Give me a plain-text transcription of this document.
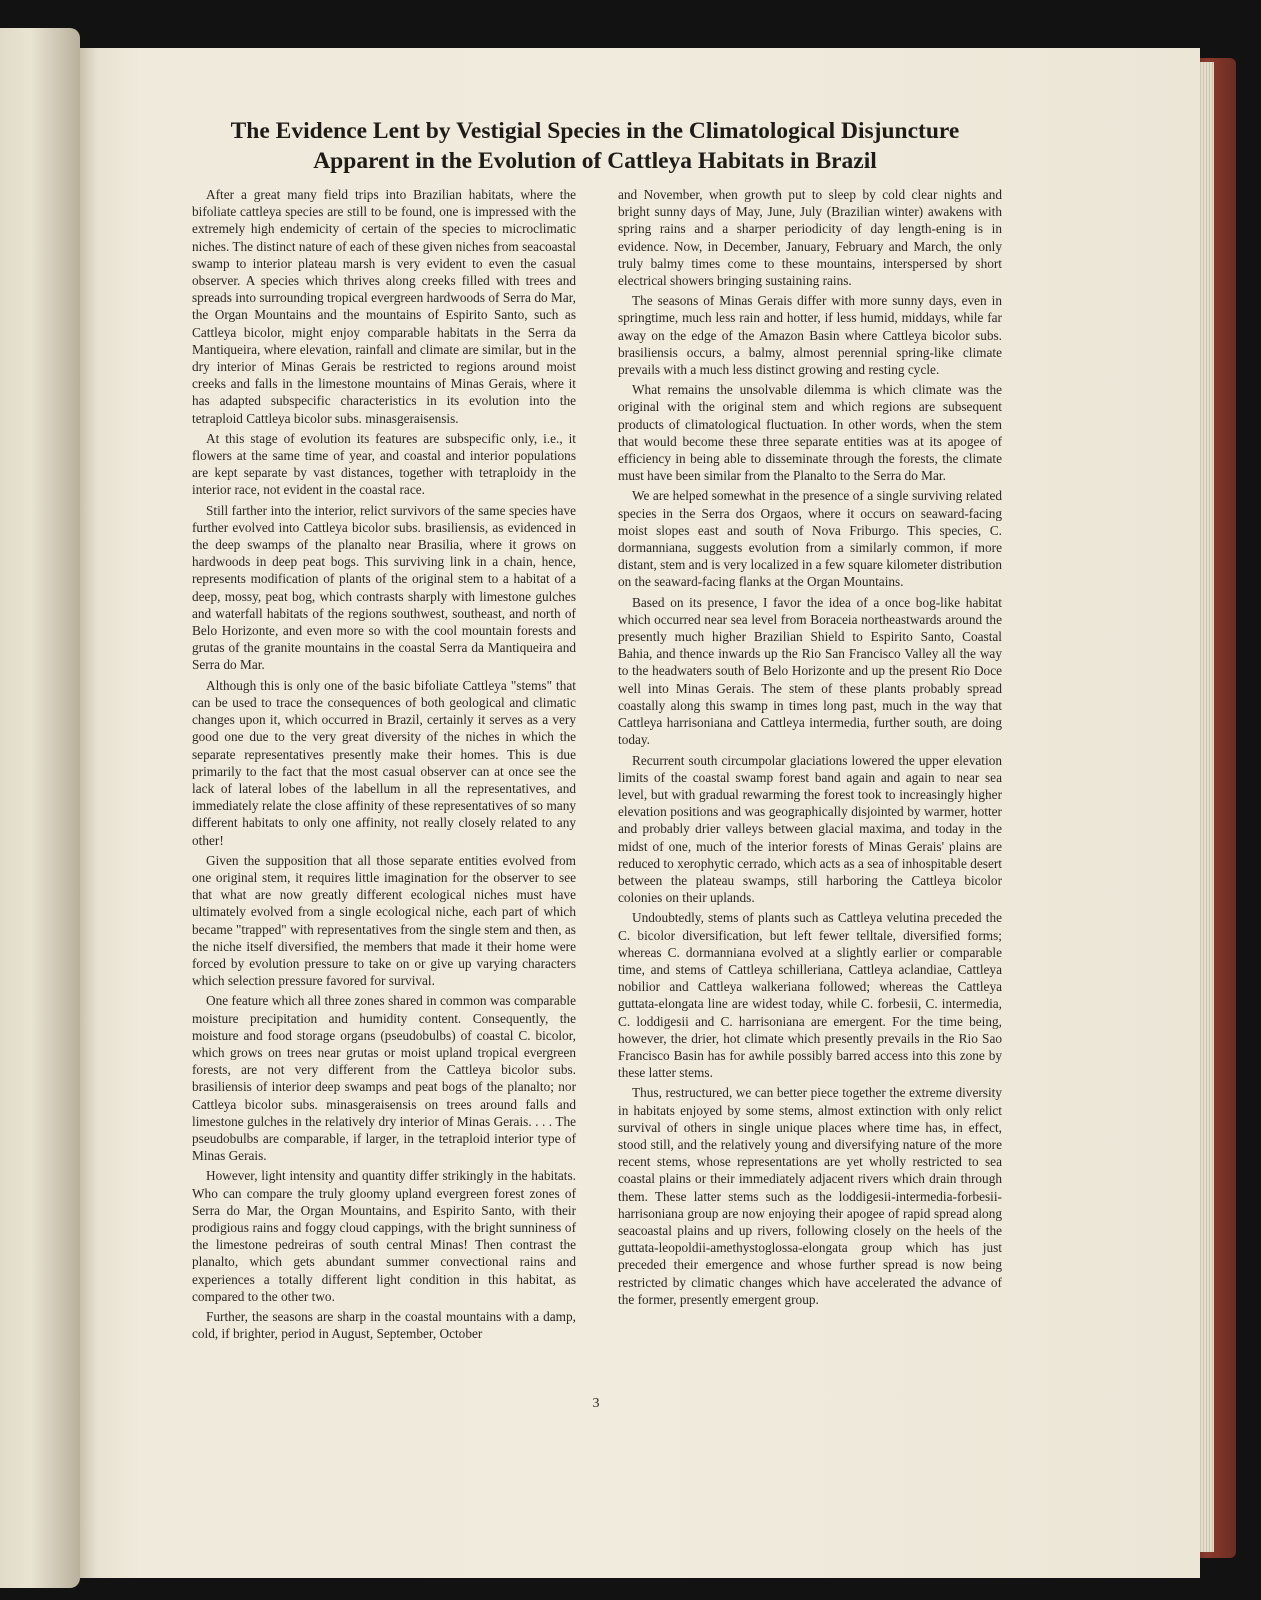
The Evidence Lent by Vestigial Species in the Climatological Disjuncture Apparent in the Evolution of Cattleya Habitats in Brazil

After a great many field trips into Brazilian habitats, where the bifoliate cattleya species are still to be found, one is impressed with the extremely high endemicity of certain of the species to microclimatic niches. The distinct nature of each of these given niches from seacoastal swamp to interior plateau marsh is very evident to even the casual observer. A species which thrives along creeks filled with trees and spreads into surrounding tropical evergreen hardwoods of Serra do Mar, the Organ Mountains and the mountains of Espirito Santo, such as Cattleya bicolor, might enjoy comparable habitats in the Serra da Mantiqueira, where elevation, rainfall and climate are similar, but in the dry interior of Minas Gerais be restricted to regions around moist creeks and falls in the limestone mountains of Minas Gerais, where it has adapted subspecific characteristics in its evolution into the tetraploid Cattleya bicolor subs. minasgeraisensis.

At this stage of evolution its features are subspecific only, i.e., it flowers at the same time of year, and coastal and interior populations are kept separate by vast distances, together with tetraploidy in the interior race, not evident in the coastal race.

Still farther into the interior, relict survivors of the same species have further evolved into Cattleya bicolor subs. brasiliensis, as evidenced in the deep swamps of the planalto near Brasilia, where it grows on hardwoods in deep peat bogs. This surviving link in a chain, hence, represents modification of plants of the original stem to a habitat of a deep, mossy, peat bog, which contrasts sharply with limestone gulches and waterfall habitats of the regions southwest, southeast, and north of Belo Horizonte, and even more so with the cool mountain forests and grutas of the granite mountains in the coastal Serra da Mantiqueira and Serra do Mar.

Although this is only one of the basic bifoliate Cattleya "stems" that can be used to trace the consequences of both geological and climatic changes upon it, which occurred in Brazil, certainly it serves as a very good one due to the very great diversity of the niches in which the separate representatives presently make their homes. This is due primarily to the fact that the most casual observer can at once see the lack of lateral lobes of the labellum in all the representatives, and immediately relate the close affinity of these representatives of so many different habitats to only one affinity, not really closely related to any other!

Given the supposition that all those separate entities evolved from one original stem, it requires little imagination for the observer to see that what are now greatly different ecological niches must have ultimately evolved from a single ecological niche, each part of which became "trapped" with representatives from the single stem and then, as the niche itself diversified, the members that made it their home were forced by evolution pressure to take on or give up varying characters which selection pressure favored for survival.

One feature which all three zones shared in common was comparable moisture precipitation and humidity content. Consequently, the moisture and food storage organs (pseudobulbs) of coastal C. bicolor, which grows on trees near grutas or moist upland tropical evergreen forests, are not very different from the Cattleya bicolor subs. brasiliensis of interior deep swamps and peat bogs of the planalto; nor Cattleya bicolor subs. minasgeraisensis on trees around falls and limestone gulches in the relatively dry interior of Minas Gerais. . . . The pseudobulbs are comparable, if larger, in the tetraploid interior type of Minas Gerais.

However, light intensity and quantity differ strikingly in the habitats. Who can compare the truly gloomy upland evergreen forest zones of Serra do Mar, the Organ Mountains, and Espirito Santo, with their prodigious rains and foggy cloud cappings, with the bright sunniness of the limestone pedreiras of south central Minas! Then contrast the planalto, which gets abundant summer convectional rains and experiences a totally different light condition in this habitat, as compared to the other two.

Further, the seasons are sharp in the coastal mountains with a damp, cold, if brighter, period in August, September, October

and November, when growth put to sleep by cold clear nights and bright sunny days of May, June, July (Brazilian winter) awakens with spring rains and a sharper periodicity of day length-ening is in evidence. Now, in December, January, February and March, the only truly balmy times come to these mountains, interspersed by short electrical showers bringing sustaining rains.

The seasons of Minas Gerais differ with more sunny days, even in springtime, much less rain and hotter, if less humid, middays, while far away on the edge of the Amazon Basin where Cattleya bicolor subs. brasiliensis occurs, a balmy, almost perennial spring-like climate prevails with a much less distinct growing and resting cycle.

What remains the unsolvable dilemma is which climate was the original with the original stem and which regions are subsequent products of climatological fluctuation. In other words, when the stem that would become these three separate entities was at its apogee of efficiency in being able to disseminate through the forests, the climate must have been similar from the Planalto to the Serra do Mar.

We are helped somewhat in the presence of a single surviving related species in the Serra dos Orgaos, where it occurs on seaward-facing moist slopes east and south of Nova Friburgo. This species, C. dormanniana, suggests evolution from a similarly common, if more distant, stem and is very localized in a few square kilometer distribution on the seaward-facing flanks at the Organ Mountains.

Based on its presence, I favor the idea of a once bog-like habitat which occurred near sea level from Boraceia northeastwards around the presently much higher Brazilian Shield to Espirito Santo, Coastal Bahia, and thence inwards up the Rio San Francisco Valley all the way to the headwaters south of Belo Horizonte and up the present Rio Doce well into Minas Gerais. The stem of these plants probably spread coastally along this swamp in times long past, much in the way that Cattleya harrisoniana and Cattleya intermedia, further south, are doing today.

Recurrent south circumpolar glaciations lowered the upper elevation limits of the coastal swamp forest band again and again to near sea level, but with gradual rewarming the forest took to increasingly higher elevation positions and was geographically disjointed by warmer, hotter and probably drier valleys between glacial maxima, and today in the midst of one, much of the interior forests of Minas Gerais' plains are reduced to xerophytic cerrado, which acts as a sea of inhospitable desert between the plateau swamps, still harboring the Cattleya bicolor colonies on their uplands.

Undoubtedly, stems of plants such as Cattleya velutina preceded the C. bicolor diversification, but left fewer telltale, diversified forms; whereas C. dormanniana evolved at a slightly earlier or comparable time, and stems of Cattleya schilleriana, Cattleya aclandiae, Cattleya nobilior and Cattleya walkeriana followed; whereas the Cattleya guttata-elongata line are widest today, while C. forbesii, C. intermedia, C. loddigesii and C. harrisoniana are emergent. For the time being, however, the drier, hot climate which presently prevails in the Rio Sao Francisco Basin has for awhile possibly barred access into this zone by these latter stems.

Thus, restructured, we can better piece together the extreme diversity in habitats enjoyed by some stems, almost extinction with only relict survival of others in single unique places where time has, in effect, stood still, and the relatively young and diversifying nature of the more recent stems, whose representations are yet wholly restricted to sea coastal plains or their immediately adjacent rivers which drain through them. These latter stems such as the loddigesii-intermedia-forbesii-harrisoniana group are now enjoying their apogee of rapid spread along seacoastal plains and up rivers, following closely on the heels of the guttata-leopoldii-amethystoglossa-elongata group which has just preceded their emergence and whose further spread is now being restricted by climatic changes which have accelerated the advance of the former, presently emergent group.

3
